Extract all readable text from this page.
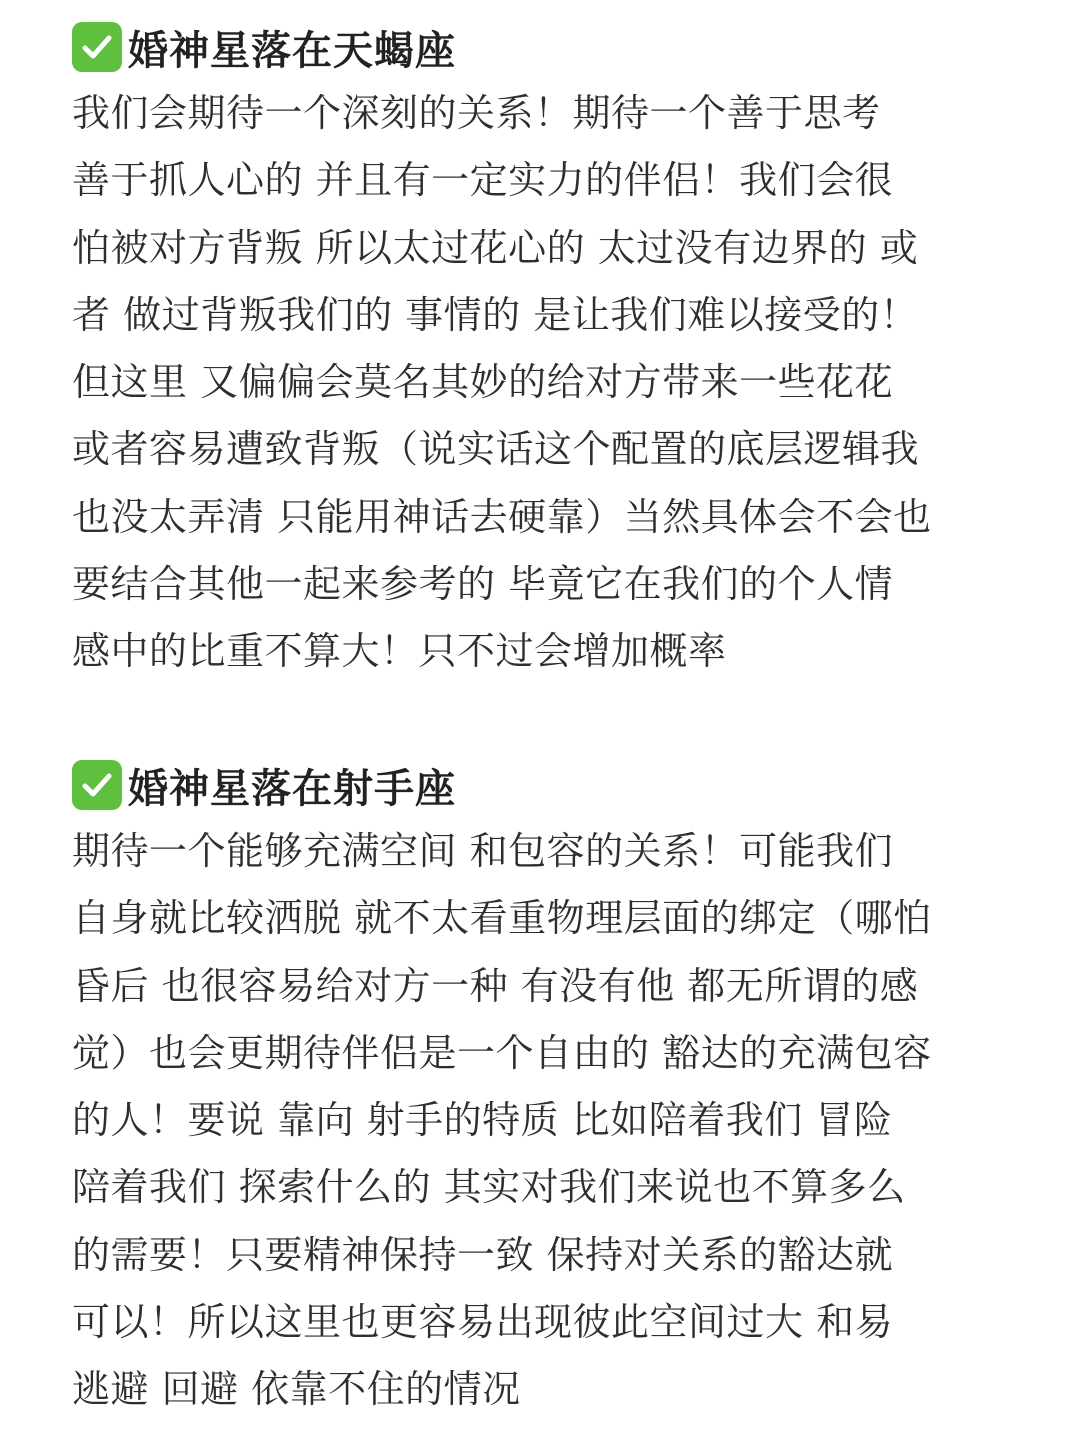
婚神星落在天蝎座
我们会期待一个深刻的关系！期待一个善于思考
善于抓人心的 并且有一定实力的伴侣！我们会很
怕被对方背叛 所以太过花心的 太过没有边界的 或
者 做过背叛我们的 事情的 是让我们难以接受的！
但这里 又偏偏会莫名其妙的给对方带来一些花花
或者容易遭致背叛（说实话这个配置的底层逻辑我
也没太弄清 只能用神话去硬靠）当然具体会不会也
要结合其他一起来参考的 毕竟它在我们的个人情
感中的比重不算大！只不过会增加概率
婚神星落在射手座
期待一个能够充满空间 和包容的关系！可能我们
自身就比较洒脱 就不太看重物理层面的绑定（哪怕
昏后 也很容易给对方一种 有没有他 都无所谓的感
觉）也会更期待伴侣是一个自由的 豁达的充满包容
的人！要说 靠向 射手的特质 比如陪着我们 冒险
陪着我们 探索什么的 其实对我们来说也不算多么
的需要！只要精神保持一致 保持对关系的豁达就
可以！所以这里也更容易出现彼此空间过大 和易
逃避 回避 依靠不住的情况
